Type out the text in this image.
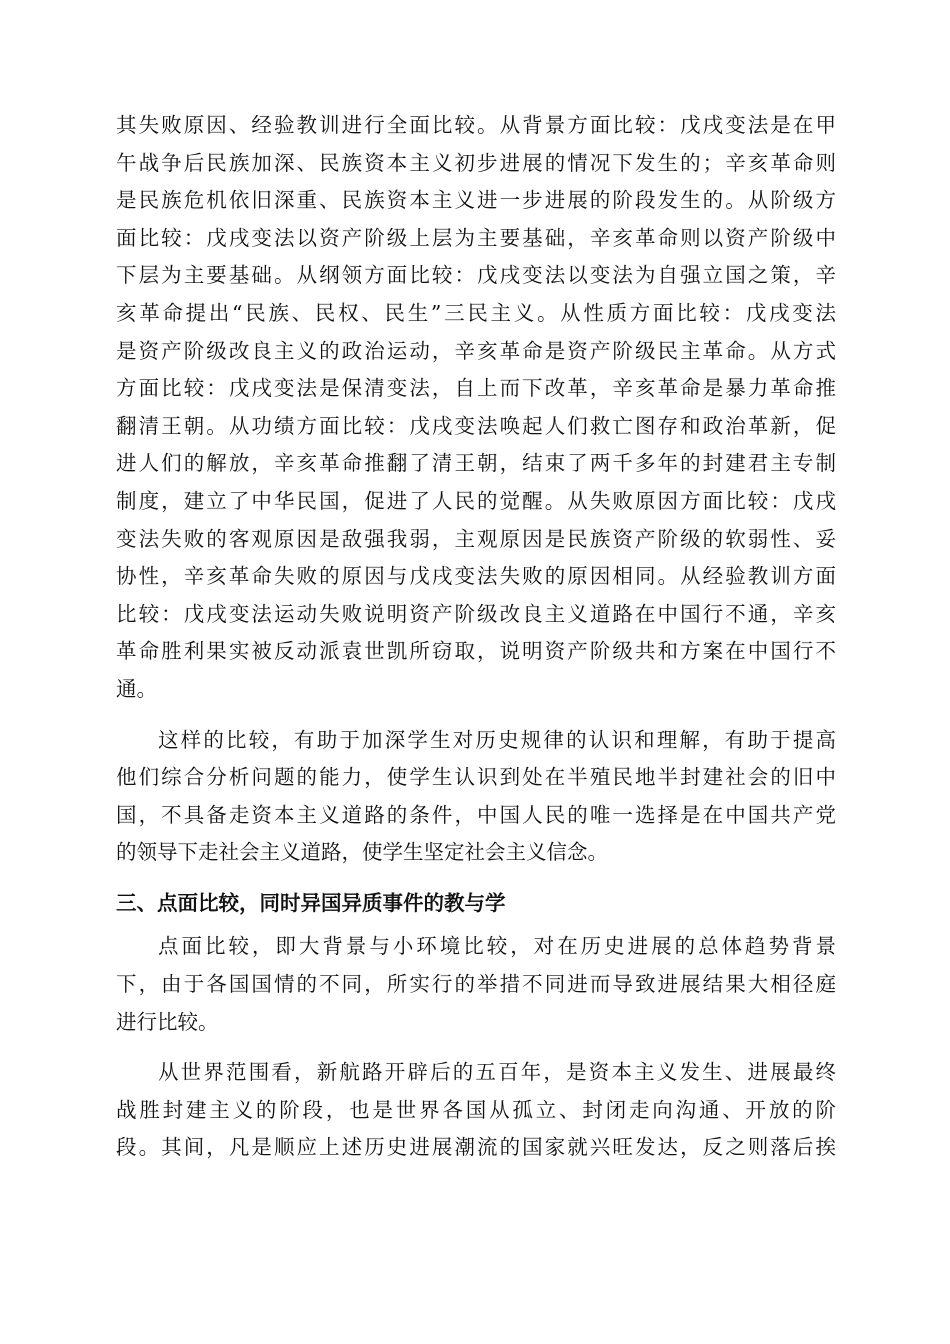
其失败原因、经验教训进行全面比较。从背景方面比较：戊戌变法是在甲
午战争后民族加深、民族资本主义初步进展的情况下发生的；辛亥革命则
是民族危机依旧深重、民族资本主义进一步进展的阶段发生的。从阶级方
面比较：戊戌变法以资产阶级上层为主要基础，辛亥革命则以资产阶级中
下层为主要基础。从纲领方面比较：戊戌变法以变法为自强立国之策，辛
亥革命提出“民族、民权、民生”三民主义。从性质方面比较：戊戌变法
是资产阶级改良主义的政治运动，辛亥革命是资产阶级民主革命。从方式
方面比较：戊戌变法是保清变法，自上而下改革，辛亥革命是暴力革命推
翻清王朝。从功绩方面比较：戊戌变法唤起人们救亡图存和政治革新，促
进人们的解放，辛亥革命推翻了清王朝，结束了两千多年的封建君主专制
制度，建立了中华民国，促进了人民的觉醒。从失败原因方面比较：戊戌
变法失败的客观原因是敌强我弱，主观原因是民族资产阶级的软弱性、妥
协性，辛亥革命失败的原因与戊戌变法失败的原因相同。从经验教训方面
比较：戊戌变法运动失败说明资产阶级改良主义道路在中国行不通，辛亥
革命胜利果实被反动派袁世凯所窃取，说明资产阶级共和方案在中国行不
通。
这样的比较，有助于加深学生对历史规律的认识和理解，有助于提高
他们综合分析问题的能力，使学生认识到处在半殖民地半封建社会的旧中
国，不具备走资本主义道路的条件，中国人民的唯一选择是在中国共产党
的领导下走社会主义道路，使学生坚定社会主义信念。
三、点面比较，同时异国异质事件的教与学
点面比较，即大背景与小环境比较，对在历史进展的总体趋势背景
下，由于各国国情的不同，所实行的举措不同进而导致进展结果大相径庭
进行比较。
从世界范围看，新航路开辟后的五百年，是资本主义发生、进展最终
战胜封建主义的阶段，也是世界各国从孤立、封闭走向沟通、开放的阶
段。其间，凡是顺应上述历史进展潮流的国家就兴旺发达，反之则落后挨
